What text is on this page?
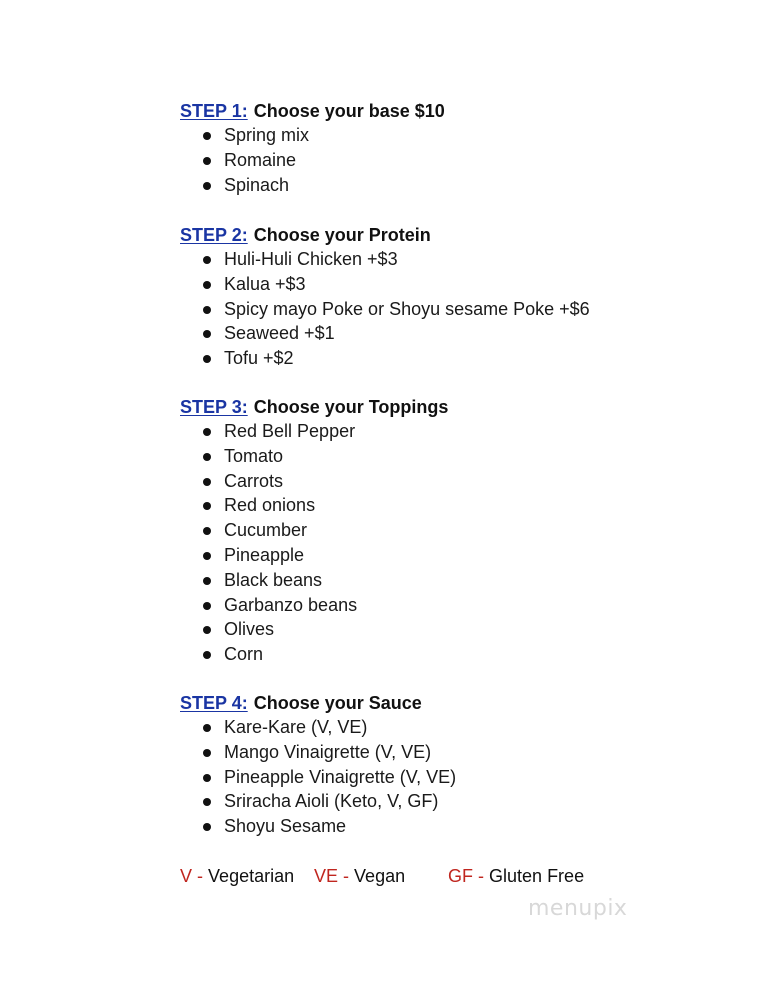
STEP 1: Choose your base $10
Spring mix
Romaine
Spinach
STEP 2: Choose your Protein
Huli-Huli Chicken +$3
Kalua +$3
Spicy mayo Poke or Shoyu sesame Poke +$6
Seaweed +$1
Tofu +$2
STEP 3: Choose your Toppings
Red Bell Pepper
Tomato
Carrots
Red onions
Cucumber
Pineapple
Black beans
Garbanzo beans
Olives
Corn
STEP 4: Choose your Sauce
Kare-Kare (V, VE)
Mango Vinaigrette (V, VE)
Pineapple Vinaigrette (V, VE)
Sriracha Aioli (Keto, V, GF)
Shoyu Sesame
V - Vegetarian VE - Vegan GF - Gluten Free
menupix
